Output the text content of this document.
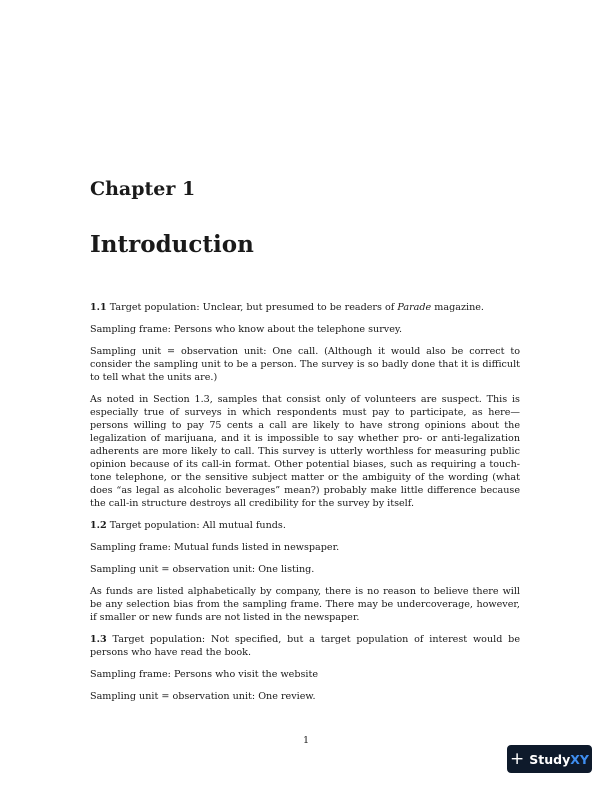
Chapter 1
Introduction

1.1 Target population: Unclear, but presumed to be readers of Parade magazine.

Sampling frame: Persons who know about the telephone survey.

Sampling unit = observation unit: One call. (Although it would also be correct to consider the sampling unit to be a person. The survey is so badly done that it is difficult to tell what the units are.)

As noted in Section 1.3, samples that consist only of volunteers are suspect. This is especially true of surveys in which respondents must pay to participate, as here—persons willing to pay 75 cents a call are likely to have strong opinions about the legalization of marijuana, and it is impossible to say whether pro- or anti-legalization adherents are more likely to call. This survey is utterly worthless for measuring public opinion because of its call-in format. Other potential biases, such as requiring a touch-tone telephone, or the sensitive subject matter or the ambiguity of the wording (what does “as legal as alcoholic beverages” mean?) probably make little difference because the call-in structure destroys all credibility for the survey by itself.

1.2 Target population: All mutual funds.

Sampling frame: Mutual funds listed in newspaper.

Sampling unit = observation unit: One listing.

As funds are listed alphabetically by company, there is no reason to believe there will be any selection bias from the sampling frame. There may be undercoverage, however, if smaller or new funds are not listed in the newspaper.

1.3 Target population: Not specified, but a target population of interest would be persons who have read the book.

Sampling frame: Persons who visit the website

Sampling unit = observation unit: One review.

1
+ Study XY
